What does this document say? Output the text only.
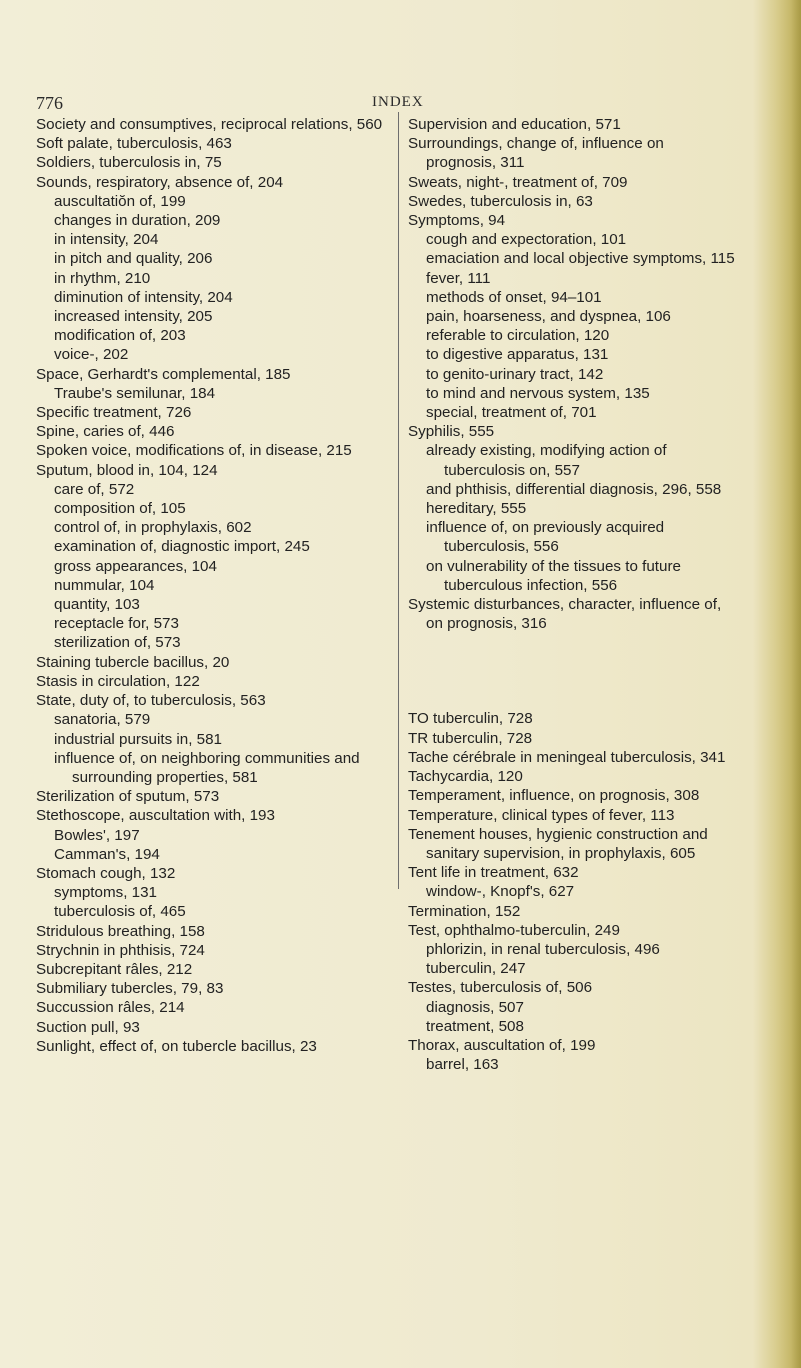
776	INDEX
Society and consumptives, reciprocal relations, 560
Soft palate, tuberculosis, 463
Soldiers, tuberculosis in, 75
Sounds, respiratory, absence of, 204
auscultatiŏn of, 199
changes in duration, 209
in intensity, 204
in pitch and quality, 206
in rhythm, 210
diminution of intensity, 204
increased intensity, 205
modification of, 203
voice-, 202
Space, Gerhardt's complemental, 185
Traube's semilunar, 184
Specific treatment, 726
Spine, caries of, 446
Spoken voice, modifications of, in disease, 215
Sputum, blood in, 104, 124
care of, 572
composition of, 105
control of, in prophylaxis, 602
examination of, diagnostic import, 245
gross appearances, 104
nummular, 104
quantity, 103
receptacle for, 573
sterilization of, 573
Staining tubercle bacillus, 20
Stasis in circulation, 122
State, duty of, to tuberculosis, 563
sanatoria, 579
industrial pursuits in, 581
influence of, on neighboring communities and surrounding properties, 581
Sterilization of sputum, 573
Stethoscope, auscultation with, 193
Bowles', 197
Camman's, 194
Stomach cough, 132
symptoms, 131
tuberculosis of, 465
Stridulous breathing, 158
Strychnin in phthisis, 724
Subcrepitant râles, 212
Submiliary tubercles, 79, 83
Succussion râles, 214
Suction pull, 93
Sunlight, effect of, on tubercle bacillus, 23
Supervision and education, 571
Surroundings, change of, influence on prognosis, 311
Sweats, night-, treatment of, 709
Swedes, tuberculosis in, 63
Symptoms, 94
cough and expectoration, 101
emaciation and local objective symptoms, 115
fever, 111
methods of onset, 94–101
pain, hoarseness, and dyspnea, 106
referable to circulation, 120
to digestive apparatus, 131
to genito-urinary tract, 142
to mind and nervous system, 135
special, treatment of, 701
Syphilis, 555
already existing, modifying action of tuberculosis on, 557
and phthisis, differential diagnosis, 296, 558
hereditary, 555
influence of, on previously acquired tuberculosis, 556
on vulnerability of the tissues to future tuberculous infection, 556
Systemic disturbances, character, influence of, on prognosis, 316
TO tuberculin, 728
TR tuberculin, 728
Tache cérébrale in meningeal tuberculosis, 341
Tachycardia, 120
Temperament, influence, on prognosis, 308
Temperature, clinical types of fever, 113
Tenement houses, hygienic construction and sanitary supervision, in prophylaxis, 605
Tent life in treatment, 632
window-, Knopf's, 627
Termination, 152
Test, ophthalmo-tuberculin, 249
phlorizin, in renal tuberculosis, 496
tuberculin, 247
Testes, tuberculosis of, 506
diagnosis, 507
treatment, 508
Thorax, auscultation of, 199
barrel, 163
